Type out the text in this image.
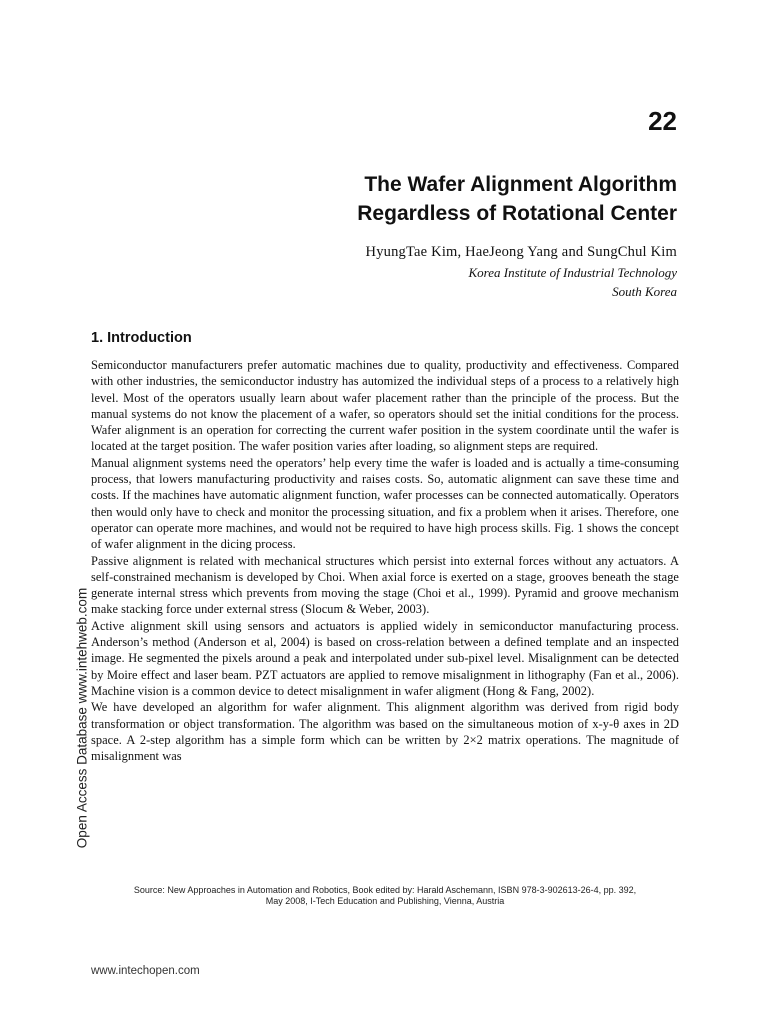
22
The Wafer Alignment Algorithm
Regardless of Rotational Center
HyungTae Kim, HaeJeong Yang and SungChul Kim
Korea Institute of Industrial Technology
South Korea
1. Introduction

Semiconductor manufacturers prefer automatic machines due to quality, productivity and effectiveness. Compared with other industries, the semiconductor industry has automized the individual steps of a process to a relatively high level. Most of the operators usually learn about wafer placement rather than the principle of the process. But the manual systems do not know the placement of a wafer, so operators should set the initial conditions for the process. Wafer alignment is an operation for correcting the current wafer position in the system coordinate until the wafer is located at the target position. The wafer position varies after loading, so alignment steps are required.

Manual alignment systems need the operators’ help every time the wafer is loaded and is actually a time-consuming process, that lowers manufacturing productivity and raises costs. So, automatic alignment can save these time and costs. If the machines have automatic alignment function, wafer processes can be connected automatically. Operators then would only have to check and monitor the processing situation, and fix a problem when it arises. Therefore, one operator can operate more machines, and would not be required to have high process skills. Fig. 1 shows the concept of wafer alignment in the dicing process.

Passive alignment is related with mechanical structures which persist into external forces without any actuators. A self-constrained mechanism is developed by Choi. When axial force is exerted on a stage, grooves beneath the stage generate internal stress which prevents from moving the stage (Choi et al., 1999). Pyramid and groove mechanism make stacking force under external stress (Slocum & Weber, 2003).

Active alignment skill using sensors and actuators is applied widely in semiconductor manufacturing process. Anderson’s method (Anderson et al, 2004) is based on cross-relation between a defined template and an inspected image. He segmented the pixels around a peak and interpolated under sub-pixel level. Misalignment can be detected by Moire effect and laser beam. PZT actuators are applied to remove misalignment in lithography (Fan et al., 2006). Machine vision is a common device to detect misalignment in wafer aligment (Hong & Fang, 2002).

We have developed an algorithm for wafer alignment. This alignment algorithm was derived from rigid body transformation or object transformation. The algorithm was based on the simultaneous motion of x-y-θ axes in 2D space. A 2-step algorithm has a simple form which can be written by 2×2 matrix operations. The magnitude of misalignment was

Source: New Approaches in Automation and Robotics, Book edited by: Harald Aschemann, ISBN 978-3-902613-26-4, pp. 392,
May 2008, I-Tech Education and Publishing, Vienna, Austria
Open Access Database www.intehweb.com
www.intechopen.com
